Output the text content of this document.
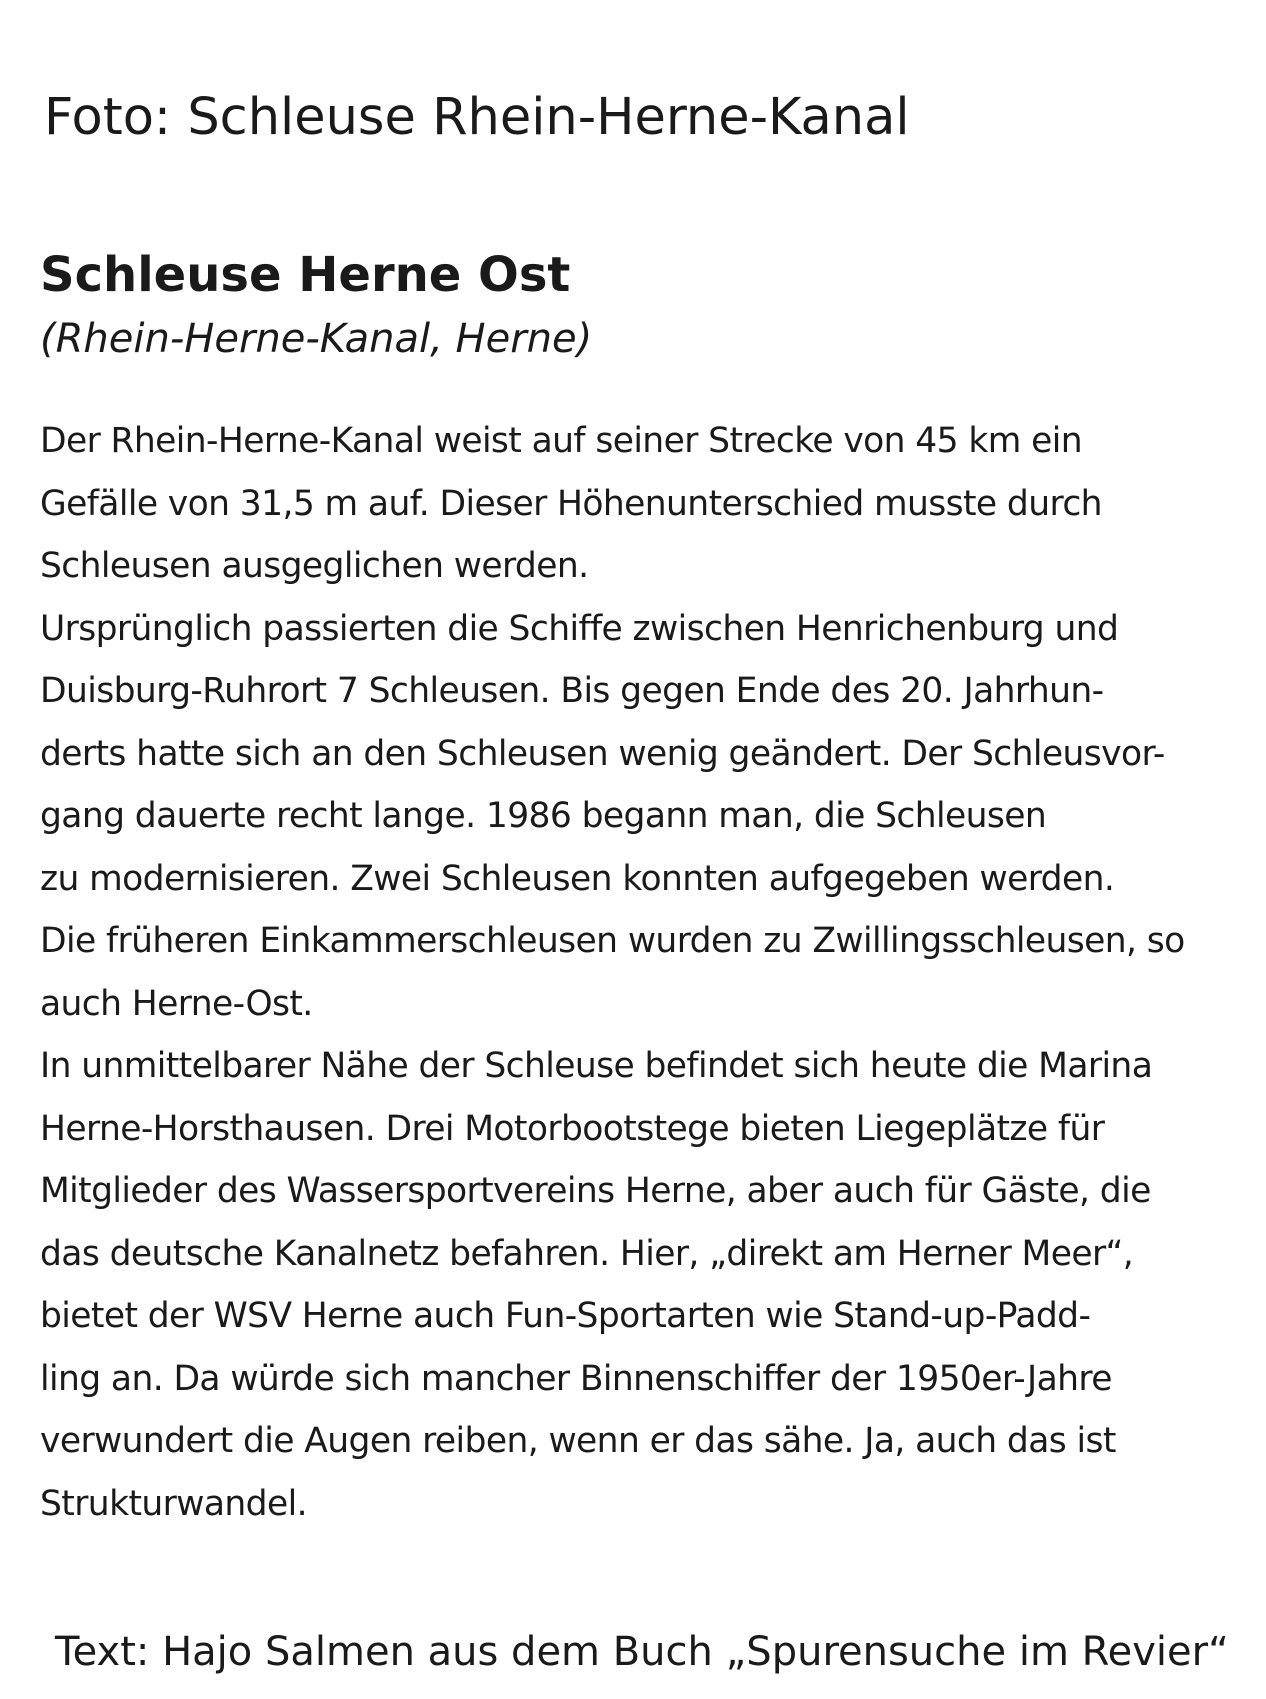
Foto: Schleuse Rhein-Herne-Kanal
Schleuse Herne Ost
(Rhein-Herne-Kanal, Herne)
Der Rhein-Herne-Kanal weist auf seiner Strecke von 45 km ein
Gefälle von 31,5 m auf. Dieser Höhenunterschied musste durch
Schleusen ausgeglichen werden.
Ursprünglich passierten die Schiffe zwischen Henrichenburg und
Duisburg-Ruhrort 7 Schleusen. Bis gegen Ende des 20. Jahrhun-
derts hatte sich an den Schleusen wenig geändert. Der Schleusvor-
gang dauerte recht lange. 1986 begann man, die Schleusen
zu modernisieren. Zwei Schleusen konnten aufgegeben werden.
Die früheren Einkammerschleusen wurden zu Zwillingsschleusen, so
auch Herne-Ost.
In unmittelbarer Nähe der Schleuse befindet sich heute die Marina
Herne-Horsthausen. Drei Motorbootstege bieten Liegeplätze für
Mitglieder des Wassersportvereins Herne, aber auch für Gäste, die
das deutsche Kanalnetz befahren. Hier, „direkt am Herner Meer“,
bietet der WSV Herne auch Fun-Sportarten wie Stand-up-Padd-
ling an. Da würde sich mancher Binnenschiffer der 1950er-Jahre
verwundert die Augen reiben, wenn er das sähe. Ja, auch das ist
Strukturwandel.
Text: Hajo Salmen aus dem Buch „Spurensuche im Revier“
